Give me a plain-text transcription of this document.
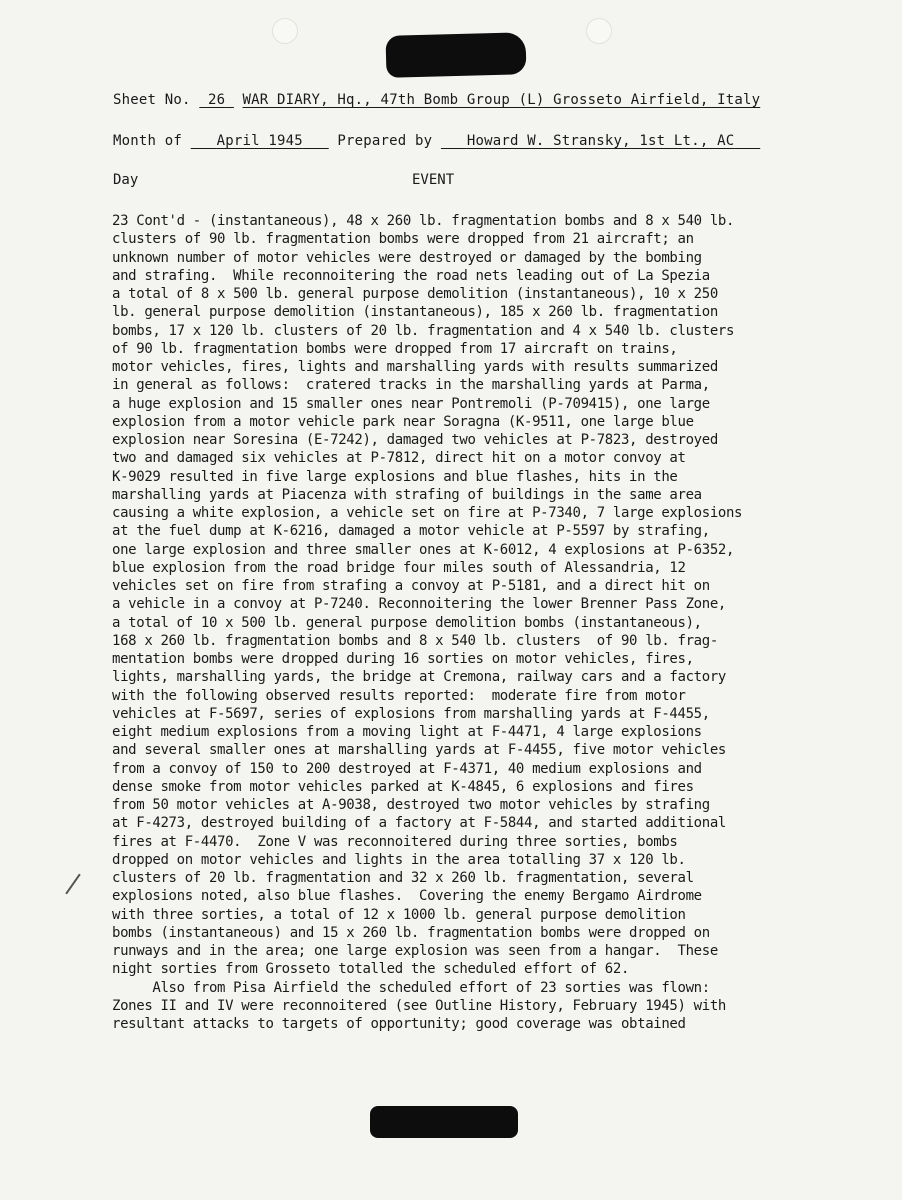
Sheet No. 26 WAR DIARY, Hq., 47th Bomb Group (L) Grosseto Airfield, Italy
Month of April 1945 Prepared by Howard W. Stransky, 1st Lt., AC
Day	EVENT
23 Cont'd - (instantaneous), 48 x 260 lb. fragmentation bombs and 8 x 540 lb.
clusters of 90 lb. fragmentation bombs were dropped from 21 aircraft; an
unknown number of motor vehicles were destroyed or damaged by the bombing
and strafing.  While reconnoitering the road nets leading out of La Spezia
a total of 8 x 500 lb. general purpose demolition (instantaneous), 10 x 250
lb. general purpose demolition (instantaneous), 185 x 260 lb. fragmentation
bombs, 17 x 120 lb. clusters of 20 lb. fragmentation and 4 x 540 lb. clusters
of 90 lb. fragmentation bombs were dropped from 17 aircraft on trains,
motor vehicles, fires, lights and marshalling yards with results summarized
in general as follows:  cratered tracks in the marshalling yards at Parma,
a huge explosion and 15 smaller ones near Pontremoli (P-709415), one large
explosion from a motor vehicle park near Soragna (K-9511, one large blue
explosion near Soresina (E-7242), damaged two vehicles at P-7823, destroyed
two and damaged six vehicles at P-7812, direct hit on a motor convoy at
K-9029 resulted in five large explosions and blue flashes, hits in the
marshalling yards at Piacenza with strafing of buildings in the same area
causing a white explosion, a vehicle set on fire at P-7340, 7 large explosions
at the fuel dump at K-6216, damaged a motor vehicle at P-5597 by strafing,
one large explosion and three smaller ones at K-6012, 4 explosions at P-6352,
blue explosion from the road bridge four miles south of Alessandria, 12
vehicles set on fire from strafing a convoy at P-5181, and a direct hit on
a vehicle in a convoy at P-7240. Reconnoitering the lower Brenner Pass Zone,
a total of 10 x 500 lb. general purpose demolition bombs (instantaneous),
168 x 260 lb. fragmentation bombs and 8 x 540 lb. clusters  of 90 lb. frag-
mentation bombs were dropped during 16 sorties on motor vehicles, fires,
lights, marshalling yards, the bridge at Cremona, railway cars and a factory
with the following observed results reported:  moderate fire from motor
vehicles at F-5697, series of explosions from marshalling yards at F-4455,
eight medium explosions from a moving light at F-4471, 4 large explosions
and several smaller ones at marshalling yards at F-4455, five motor vehicles
from a convoy of 150 to 200 destroyed at F-4371, 40 medium explosions and
dense smoke from motor vehicles parked at K-4845, 6 explosions and fires
from 50 motor vehicles at A-9038, destroyed two motor vehicles by strafing
at F-4273, destroyed building of a factory at F-5844, and started additional
fires at F-4470.  Zone V was reconnoitered during three sorties, bombs
dropped on motor vehicles and lights in the area totalling 37 x 120 lb.
clusters of 20 lb. fragmentation and 32 x 260 lb. fragmentation, several
explosions noted, also blue flashes.  Covering the enemy Bergamo Airdrome
with three sorties, a total of 12 x 1000 lb. general purpose demolition
bombs (instantaneous) and 15 x 260 lb. fragmentation bombs were dropped on
runways and in the area; one large explosion was seen from a hangar.  These
night sorties from Grosseto totalled the scheduled effort of 62.
Also from Pisa Airfield the scheduled effort of 23 sorties was flown:
Zones II and IV were reconnoitered (see Outline History, February 1945) with
resultant attacks to targets of opportunity; good coverage was obtained
